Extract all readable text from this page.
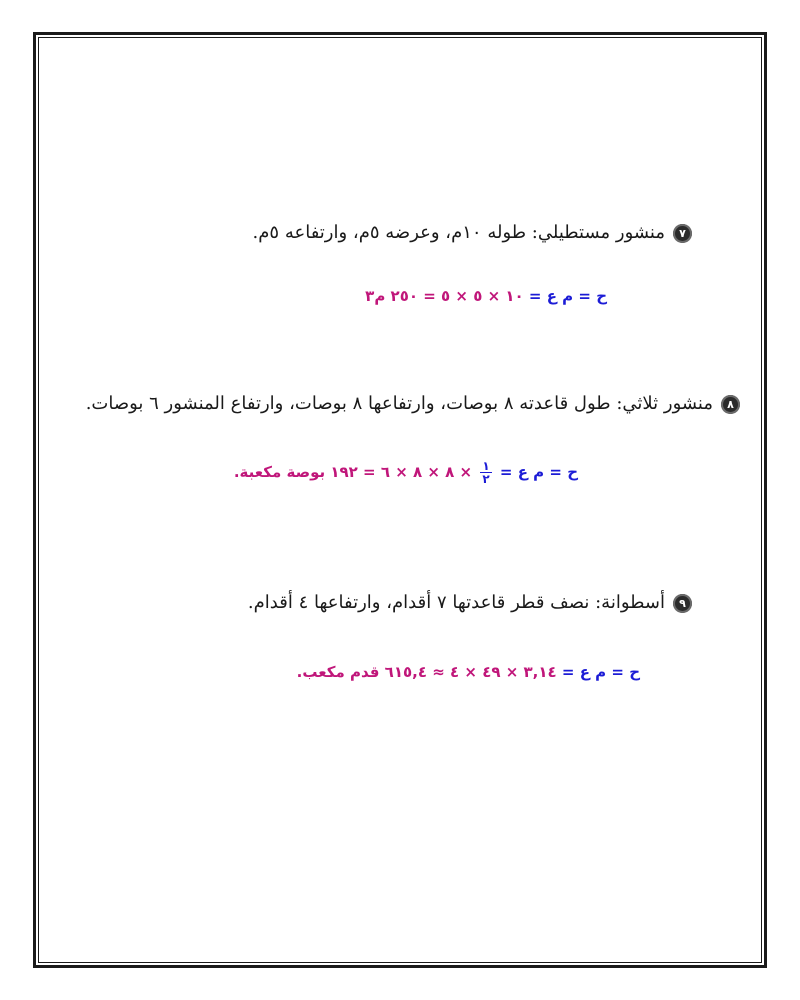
٧منشور مستطيلي: طوله ١٠م، وعرضه ٥م، وارتفاعه ٥م.
ح = م ع = ١٠ × ٥ × ٥ = ٢٥٠ م٣
٨منشور ثلاثي: طول قاعدته ٨ بوصات، وارتفاعها ٨ بوصات، وارتفاع المنشور ٦ بوصات.
ح = م ع =
$\frac{١}{٢}$
× ٨ × ٨ × ٦ = ١٩٢ بوصة مكعبة.
٩أسطوانة: نصف قطر قاعدتها ٧ أقدام، وارتفاعها ٤ أقدام.
ح = م ع = ٣,١٤ × ٤٩ × ٤ ≈ ٦١٥,٤ قدم مكعب.
